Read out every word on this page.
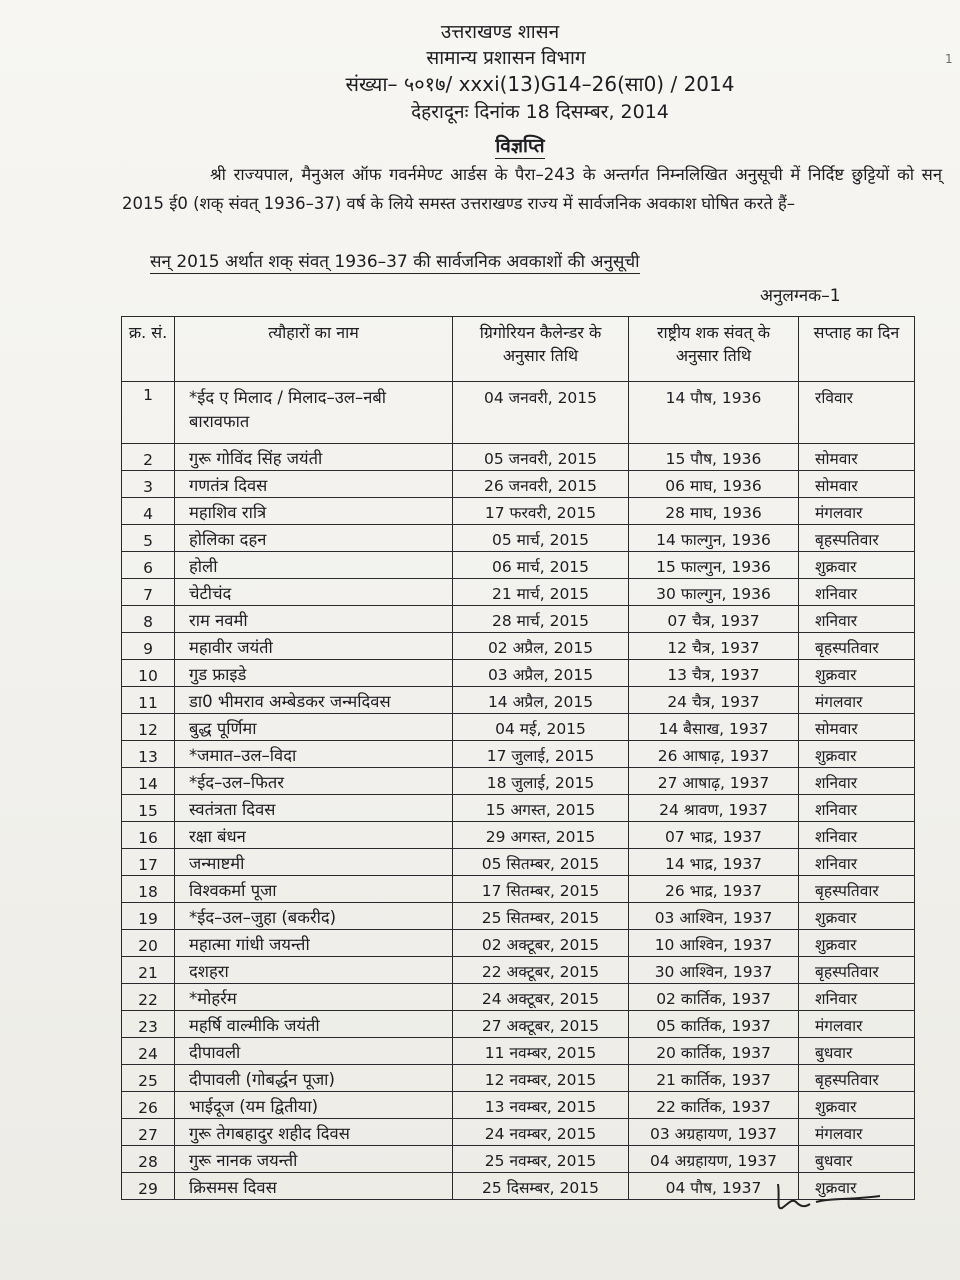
उत्तराखण्ड शासन
सामान्य प्रशासन विभाग
संख्या– ५०१७/ xxxi(13)G14–26(सा0) / 2014
देहरादूनः दिनांक 18 दिसम्बर, 2014
विज्ञप्ति
श्री राज्यपाल, मैनुअल ऑफ गवर्नमेण्ट आर्डस के पैरा–243 के अन्तर्गत निम्नलिखित अनुसूची में निर्दिष्ट छुट्टियों को सन् 2015 ई0 (शक् संवत् 1936–37) वर्ष के लिये समस्त उत्तराखण्ड राज्य में सार्वजनिक अवकाश घोषित करते हैं–
सन् 2015 अर्थात शक् संवत् 1936–37 की सार्वजनिक अवकाशों की अनुसूची
अनुलग्नक–1
क्र. सं.	त्यौहारों का नाम	ग्रिगोरियन कैलेन्डर के अनुसार तिथि	राष्ट्रीय शक संवत् के अनुसार तिथि	सप्ताह का दिन
1	*ईद ए मिलाद / मिलाद–उल–नबी बारावफात	04 जनवरी, 2015	14 पौष, 1936	रविवार
2	गुरू गोविंद सिंह जयंती	05 जनवरी, 2015	15 पौष, 1936	सोमवार
3	गणतंत्र दिवस	26 जनवरी, 2015	06 माघ, 1936	सोमवार
4	महाशिव रात्रि	17 फरवरी, 2015	28 माघ, 1936	मंगलवार
5	होलिका दहन	05 मार्च, 2015	14 फाल्गुन, 1936	बृहस्पतिवार
6	होली	06 मार्च, 2015	15 फाल्गुन, 1936	शुक्रवार
7	चेटीचंद	21 मार्च, 2015	30 फाल्गुन, 1936	शनिवार
8	राम नवमी	28 मार्च, 2015	07 चैत्र, 1937	शनिवार
9	महावीर जयंती	02 अप्रैल, 2015	12 चैत्र, 1937	बृहस्पतिवार
10	गुड फ्राइडे	03 अप्रैल, 2015	13 चैत्र, 1937	शुक्रवार
11	डा0 भीमराव अम्बेडकर जन्मदिवस	14 अप्रैल, 2015	24 चैत्र, 1937	मंगलवार
12	बुद्ध पूर्णिमा	04 मई, 2015	14 बैसाख, 1937	सोमवार
13	*जमात–उल–विदा	17 जुलाई, 2015	26 आषाढ़, 1937	शुक्रवार
14	*ईद–उल–फितर	18 जुलाई, 2015	27 आषाढ़, 1937	शनिवार
15	स्वतंत्रता दिवस	15 अगस्त, 2015	24 श्रावण, 1937	शनिवार
16	रक्षा बंधन	29 अगस्त, 2015	07 भाद्र, 1937	शनिवार
17	जन्माष्टमी	05 सितम्बर, 2015	14 भाद्र, 1937	शनिवार
18	विश्वकर्मा पूजा	17 सितम्बर, 2015	26 भाद्र, 1937	बृहस्पतिवार
19	*ईद–उल–जुहा (बकरीद)	25 सितम्बर, 2015	03 आश्विन, 1937	शुक्रवार
20	महात्मा गांधी जयन्ती	02 अक्टूबर, 2015	10 आश्विन, 1937	शुक्रवार
21	दशहरा	22 अक्टूबर, 2015	30 आश्विन, 1937	बृहस्पतिवार
22	*मोहर्रम	24 अक्टूबर, 2015	02 कार्तिक, 1937	शनिवार
23	महर्षि वाल्मीकि जयंती	27 अक्टूबर, 2015	05 कार्तिक, 1937	मंगलवार
24	दीपावली	11 नवम्बर, 2015	20 कार्तिक, 1937	बुधवार
25	दीपावली (गोबर्द्धन पूजा)	12 नवम्बर, 2015	21 कार्तिक, 1937	बृहस्पतिवार
26	भाईदूज (यम द्वितीया)	13 नवम्बर, 2015	22 कार्तिक, 1937	शुक्रवार
27	गुरू तेगबहादुर शहीद दिवस	24 नवम्बर, 2015	03 अग्रहायण, 1937	मंगलवार
28	गुरू नानक जयन्ती	25 नवम्बर, 2015	04 अग्रहायण, 1937	बुधवार
29	क्रिसमस दिवस	25 दिसम्बर, 2015	04 पौष, 1937	शुक्रवार
1
